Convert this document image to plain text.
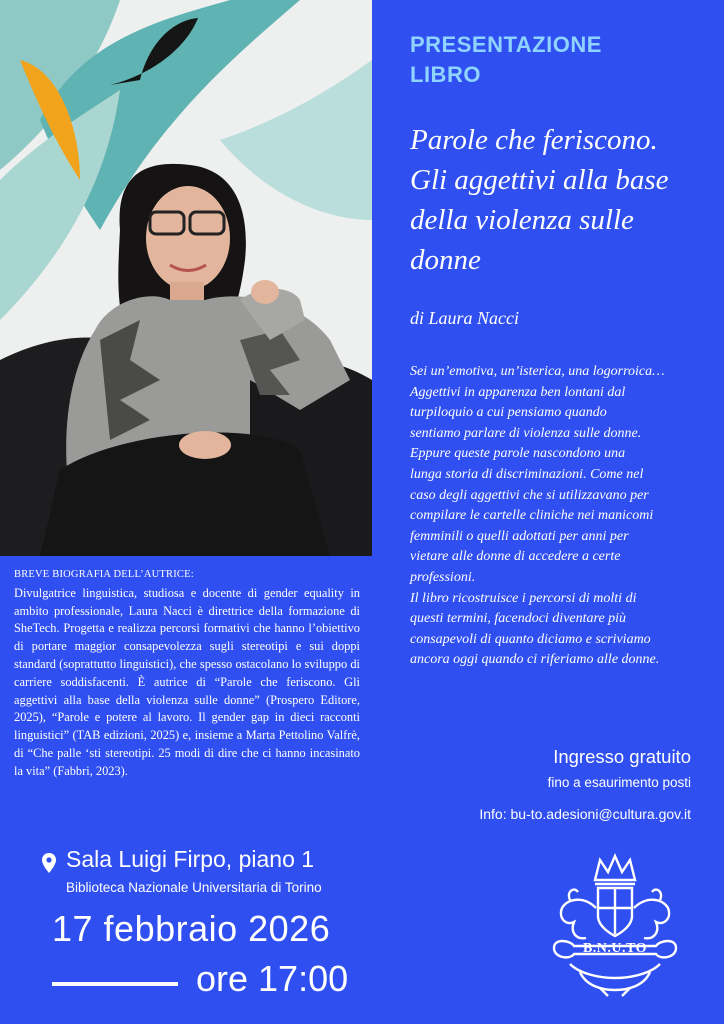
PRESENTAZIONE
LIBRO

Parole che feriscono.
Gli aggettivi alla base
della violenza sulle
donne
di Laura Nacci

Sei un’emotiva, un’isterica, una logorroica…

Aggettivi in apparenza ben lontani dal

turpiloquio a cui pensiamo quando

sentiamo parlare di violenza sulle donne.

Eppure queste parole nascondono una

lunga storia di discriminazioni. Come nel

caso degli aggettivi che si utilizzavano per

compilare le cartelle cliniche nei manicomi

femminili o quelli adottati per anni per

vietare alle donne di accedere a certe

professioni.

Il libro ricostruisce i percorsi di molti di

questi termini, facendoci diventare più

consapevoli di quanto diciamo e scriviamo

ancora oggi quando ci riferiamo alle donne.

Ingresso gratuito
fino a esaurimento posti
Info: bu-to.adesioni@cultura.gov.it
BREVE BIOGRAFIA DELL’AUTRICE:
Divulgatrice linguistica, studiosa e docente di gender equality in ambito professionale, Laura Nacci è direttrice della formazione di SheTech. Progetta e realizza percorsi formativi che hanno l’obiettivo di portare maggior consapevolezza sugli stereotipi e sui doppi standard (soprattutto linguistici), che spesso ostacolano lo sviluppo di carriere soddisfacenti. È autrice di “Parole che feriscono. Gli aggettivi alla base della violenza sulle donne” (Prospero Editore, 2025), “Parole e potere al lavoro. Il gender gap in dieci racconti linguistici” (TAB edizioni, 2025) e, insieme a Marta Pettolino Valfrè, di “Che palle ‘sti stereotipi. 25 modi di dire che ci hanno incasinato la vita” (Fabbri, 2023).
Sala Luigi Firpo, piano 1
Biblioteca Nazionale Universitaria di Torino
17 febbraio 2026
ore 17:00
B.N.U.TO
